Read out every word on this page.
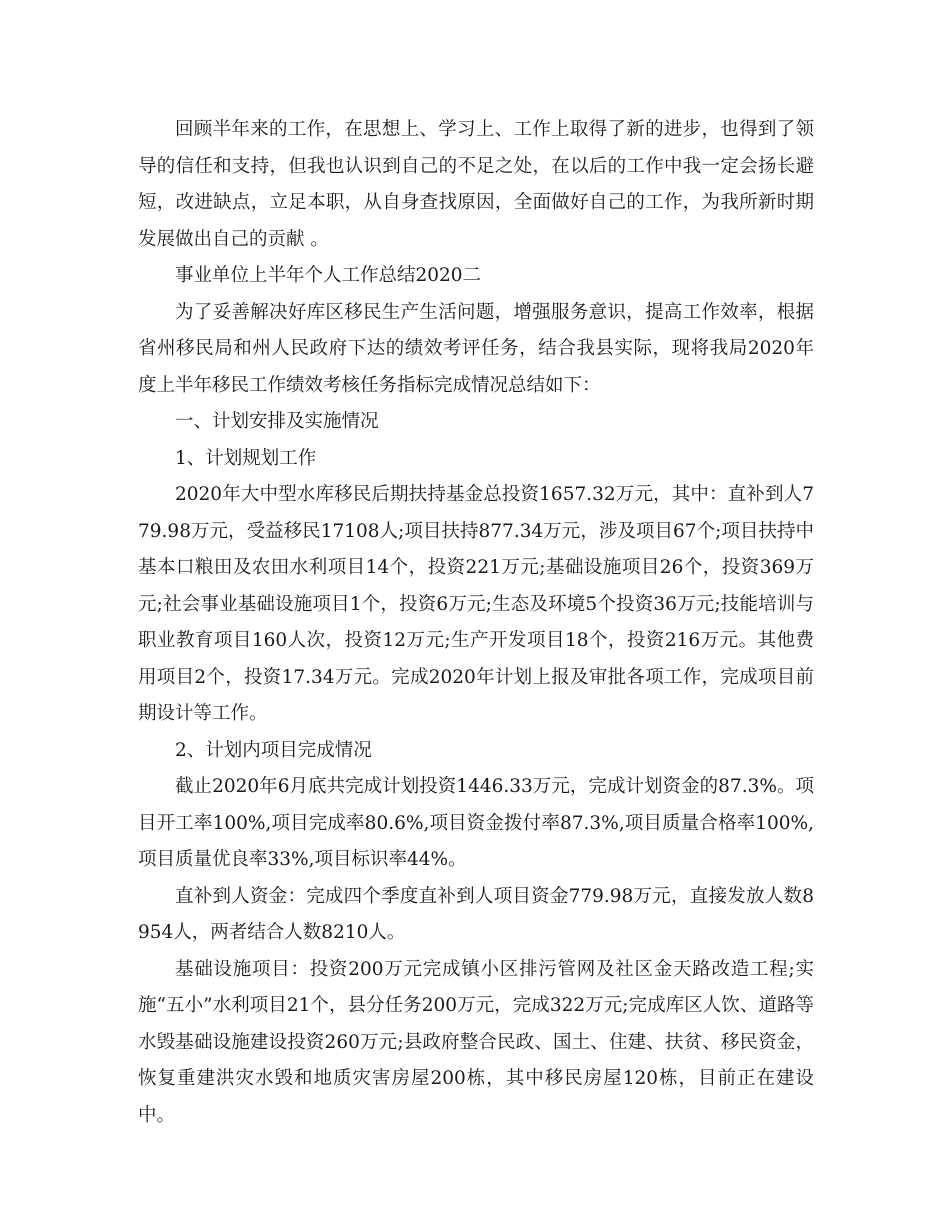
回顾半年来的工作，在思想上、学习上、工作上取得了新的进步，也得到了领导的信任和支持，但我也认识到自己的不足之处，在以后的工作中我一定会扬长避短，改进缺点，立足本职，从自身查找原因，全面做好自己的工作，为我所新时期发展做出自己的贡献 。

事业单位上半年个人工作总结2020二

为了妥善解决好库区移民生产生活问题，增强服务意识，提高工作效率，根据省州移民局和州人民政府下达的绩效考评任务，结合我县实际，现将我局2020年度上半年移民工作绩效考核任务指标完成情况总结如下：

一、计划安排及实施情况

1、计划规划工作

2020年大中型水库移民后期扶持基金总投资1657.32万元，其中：直补到人779.98万元，受益移民17108人;项目扶持877.34万元，涉及项目67个;项目扶持中基本口粮田及农田水利项目14个，投资221万元;基础设施项目26个，投资369万元;社会事业基础设施项目1个，投资6万元;生态及环境5个投资36万元;技能培训与职业教育项目160人次，投资12万元;生产开发项目18个，投资216万元。其他费用项目2个，投资17.34万元。完成2020年计划上报及审批各项工作，完成项目前期设计等工作。

2、计划内项目完成情况

截止2020年6月底共完成计划投资1446.33万元，完成计划资金的87.3%。项目开工率100%,项目完成率80.6%,项目资金拨付率87.3%,项目质量合格率100%,项目质量优良率33%,项目标识率44%。

直补到人资金：完成四个季度直补到人项目资金779.98万元，直接发放人数8954人，两者结合人数8210人。

基础设施项目：投资200万元完成镇小区排污管网及社区金天路改造工程;实施“五小”水利项目21个，县分任务200万元，完成322万元;完成库区人饮、道路等水毁基础设施建设投资260万元;县政府整合民政、国土、住建、扶贫、移民资金，恢复重建洪灾水毁和地质灾害房屋200栋，其中移民房屋120栋，目前正在建设中。
